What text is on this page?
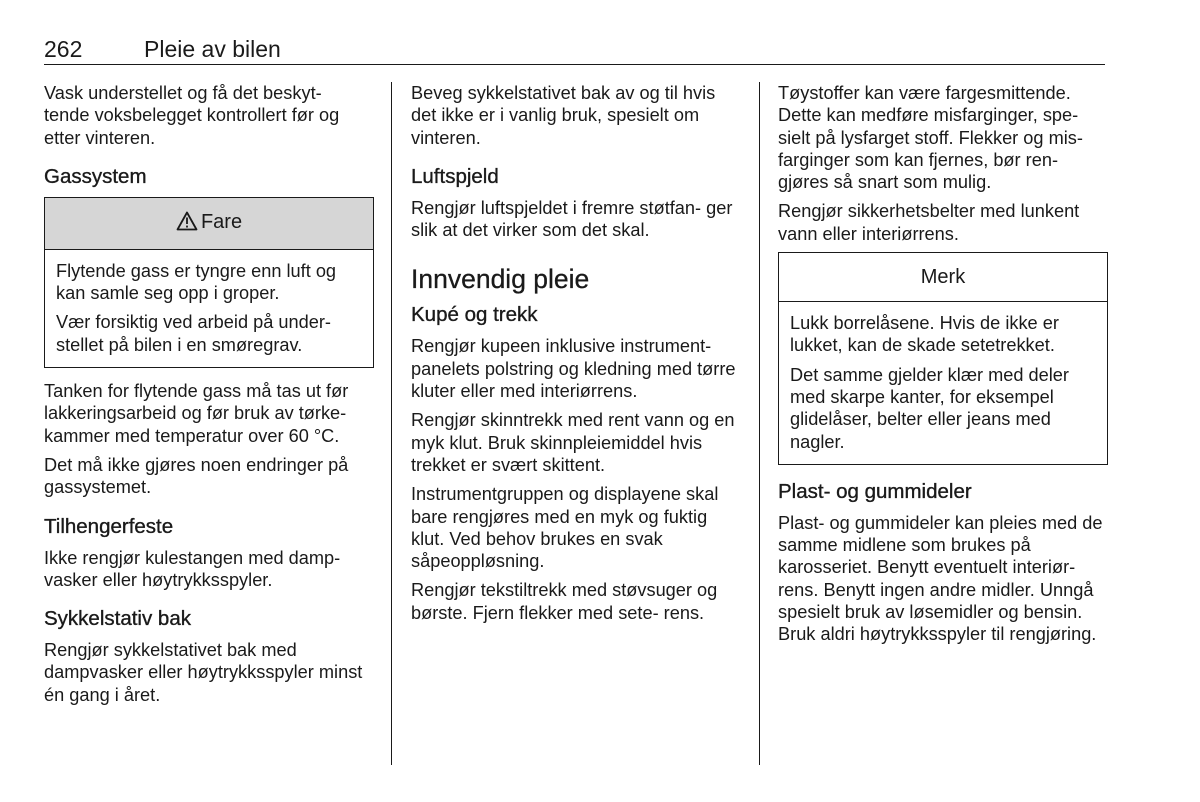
262	Pleie av bilen

Vask understellet og få det beskyt- tende voksbelegget kontrollert før og etter vinteren.

Gassystem
Fare

Flytende gass er tyngre enn luft og kan samle seg opp i groper.

Vær forsiktig ved arbeid på under- stellet på bilen i en smøregrav.

Tanken for flytende gass må tas ut før lakkeringsarbeid og før bruk av tørke- kammer med temperatur over 60 °C.

Det må ikke gjøres noen endringer på gassystemet.

Tilhengerfeste

Ikke rengjør kulestangen med damp- vasker eller høytrykksspyler.

Sykkelstativ bak

Rengjør sykkelstativet bak med dampvasker eller høytrykksspyler minst én gang i året.

Beveg sykkelstativet bak av og til hvis det ikke er i vanlig bruk, spesielt om vinteren.

Luftspjeld

Rengjør luftspjeldet i fremre støtfan- ger slik at det virker som det skal.

Innvendig pleie
Kupé og trekk

Rengjør kupeen inklusive instrument- panelets polstring og kledning med tørre kluter eller med interiørrens.

Rengjør skinntrekk med rent vann og en myk klut. Bruk skinnpleiemiddel hvis trekket er svært skittent.

Instrumentgruppen og displayene skal bare rengjøres med en myk og fuktig klut. Ved behov brukes en svak såpeoppløsning.

Rengjør tekstiltrekk med støvsuger og børste. Fjern flekker med sete- rens.

Tøystoffer kan være fargesmittende. Dette kan medføre misfarginger, spe- sielt på lysfarget stoff. Flekker og mis- farginger som kan fjernes, bør ren- gjøres så snart som mulig.

Rengjør sikkerhetsbelter med lunkent vann eller interiørrens.

Merk

Lukk borrelåsene. Hvis de ikke er lukket, kan de skade setetrekket.

Det samme gjelder klær med deler med skarpe kanter, for eksempel glidelåser, belter eller jeans med nagler.

Plast- og gummideler

Plast- og gummideler kan pleies med de samme midlene som brukes på karosseriet. Benytt eventuelt interiør- rens. Benytt ingen andre midler. Unngå spesielt bruk av løsemidler og bensin. Bruk aldri høytrykksspyler til rengjøring.
